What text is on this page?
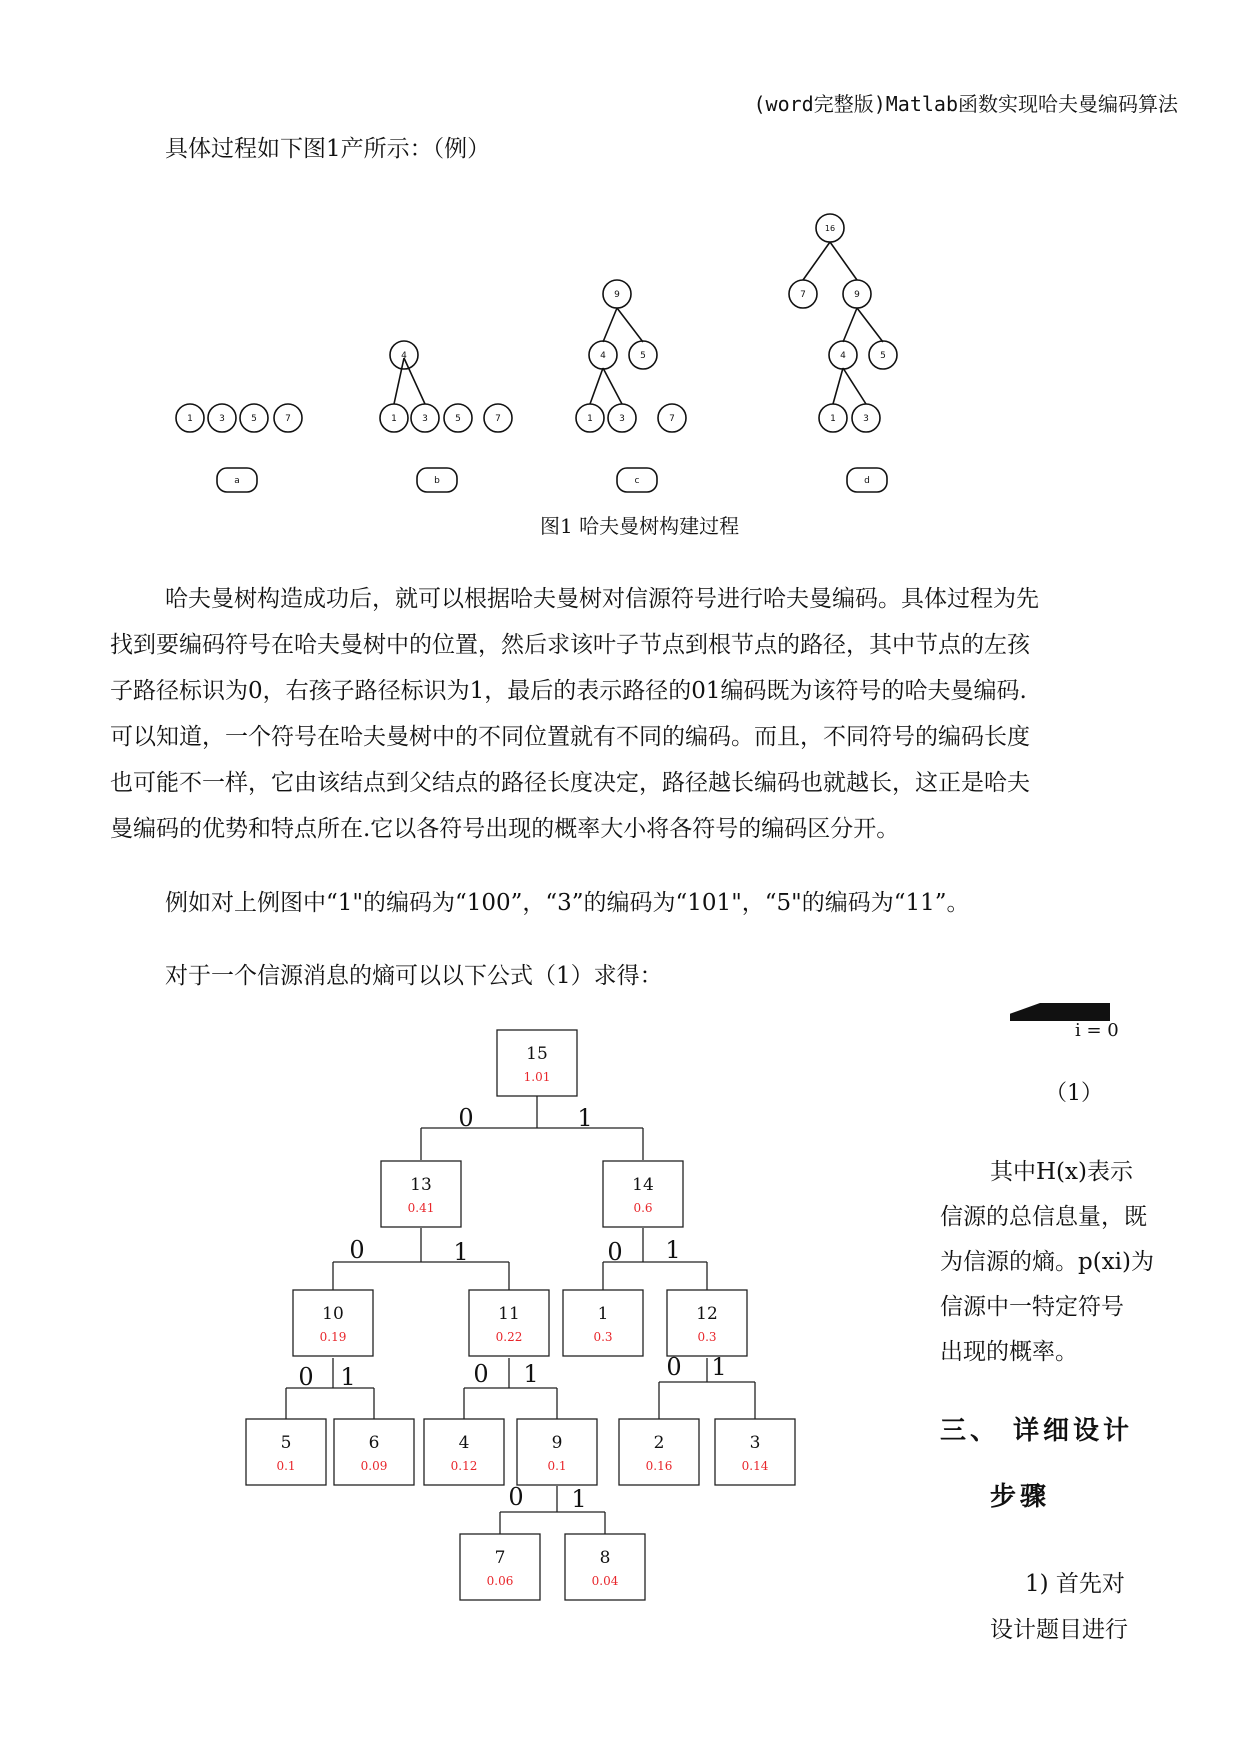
(word完整版)Matlab函数实现哈夫曼编码算法
具体过程如下图1产所示：（例）
1	3	5	7
4
1	3	5	7
9
4	5
1	3	7
16
7	9
4	5
1	3
a	b	c	d
图1 哈夫曼树构建过程
哈夫曼树构造成功后，就可以根据哈夫曼树对信源符号进行哈夫曼编码。具体过程为先
找到要编码符号在哈夫曼树中的位置，然后求该叶子节点到根节点的路径，其中节点的左孩
子路径标识为0，右孩子路径标识为1，最后的表示路径的01编码既为该符号的哈夫曼编码.
可以知道，一个符号在哈夫曼树中的不同位置就有不同的编码。而且，不同符号的编码长度
也可能不一样，它由该结点到父结点的路径长度决定，路径越长编码也就越长，这正是哈夫
曼编码的优势和特点所在.它以各符号出现的概率大小将各符号的编码区分开。
例如对上例图中“1"的编码为“100”，“3”的编码为“101"，“5"的编码为“11”。
对于一个信源消息的熵可以以下公式（1）求得：
i = 0
（1）
其中H(x)表示
信源的总信息量，既
为信源的熵。p(xi)为
信源中一特定符号
出现的概率。
三、 详细设计
步骤
1) 首先对
设计题目进行
0	1
0	1	0 1
0 1	0 1	0 1
0 1
15
1.01
13
0.41
14
0.6
10
0.19
11
0.22
1
0.3
12
0.3
5
0.1
6
0.09
4
0.12
9
0.1
2
0.16
3
0.14
7
0.06
8
0.04
